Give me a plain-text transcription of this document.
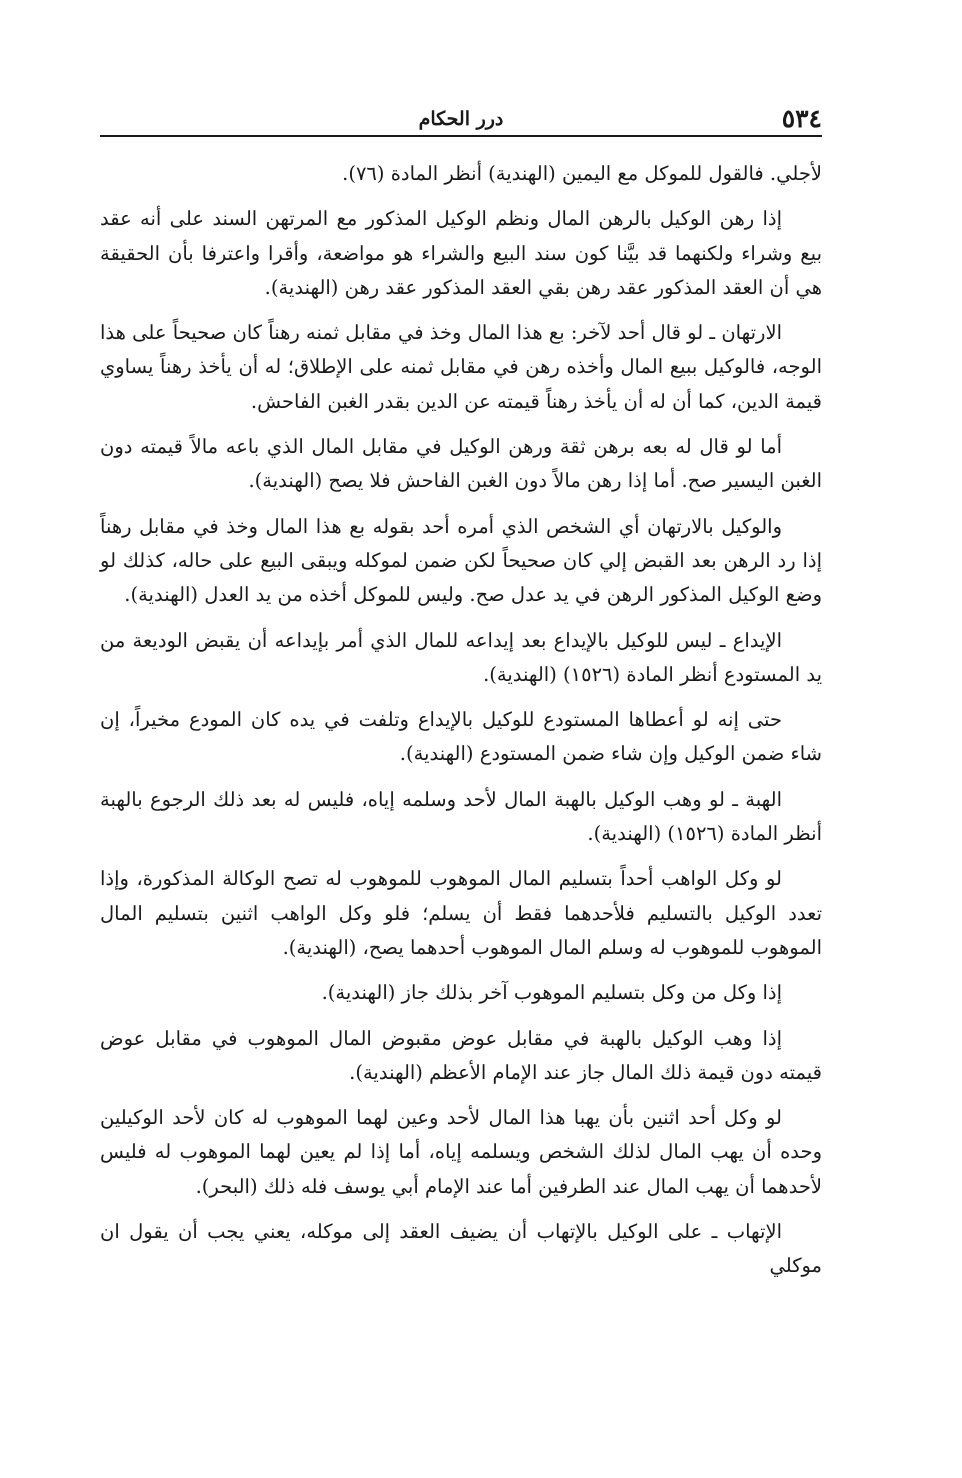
٥٣٤
درر الحكام

لأجلي. فالقول للموكل مع اليمين (الهندية) أنظر المادة (٧٦).

إذا رهن الوكيل بالرهن المال ونظم الوكيل المذكور مع المرتهن السند على أنه عقد بيع وشراء ولكنهما قد بيَّنا كون سند البيع والشراء هو مواضعة، وأقرا واعترفا بأن الحقيقة هي أن العقد المذكور عقد رهن بقي العقد المذكور عقد رهن (الهندية).

الارتهان ـ لو قال أحد لآخر: بع هذا المال وخذ في مقابل ثمنه رهناً كان صحيحاً على هذا الوجه، فالوكيل ببيع المال وأخذه رهن في مقابل ثمنه على الإطلاق؛ له أن يأخذ رهناً يساوي قيمة الدين، كما أن له أن يأخذ رهناً قيمته عن الدين بقدر الغبن الفاحش.

أما لو قال له بعه برهن ثقة ورهن الوكيل في مقابل المال الذي باعه مالاً قيمته دون الغبن اليسير صح. أما إذا رهن مالاً دون الغبن الفاحش فلا يصح (الهندية).

والوكيل بالارتهان أي الشخص الذي أمره أحد بقوله بع هذا المال وخذ في مقابل رهناً إذا رد الرهن بعد القبض إلي كان صحيحاً لكن ضمن لموكله ويبقى البيع على حاله، كذلك لو وضع الوكيل المذكور الرهن في يد عدل صح. وليس للموكل أخذه من يد العدل (الهندية).

الإيداع ـ ليس للوكيل بالإيداع بعد إيداعه للمال الذي أمر بإيداعه أن يقبض الوديعة من يد المستودع أنظر المادة (١٥٢٦) (الهندية).

حتى إنه لو أعطاها المستودع للوكيل بالإيداع وتلفت في يده كان المودع مخيراً، إن شاء ضمن الوكيل وإن شاء ضمن المستودع (الهندية).

الهبة ـ لو وهب الوكيل بالهبة المال لأحد وسلمه إياه، فليس له بعد ذلك الرجوع بالهبة أنظر المادة (١٥٢٦) (الهندية).

لو وكل الواهب أحداً بتسليم المال الموهوب للموهوب له تصح الوكالة المذكورة، وإذا تعدد الوكيل بالتسليم فلأحدهما فقط أن يسلم؛ فلو وكل الواهب اثنين بتسليم المال الموهوب للموهوب له وسلم المال الموهوب أحدهما يصح، (الهندية).

إذا وكل من وكل بتسليم الموهوب آخر بذلك جاز (الهندية).

إذا وهب الوكيل بالهبة في مقابل عوض مقبوض المال الموهوب في مقابل عوض قيمته دون قيمة ذلك المال جاز عند الإمام الأعظم (الهندية).

لو وكل أحد اثنين بأن يهبا هذا المال لأحد وعين لهما الموهوب له كان لأحد الوكيلين وحده أن يهب المال لذلك الشخص ويسلمه إياه، أما إذا لم يعين لهما الموهوب له فليس لأحدهما أن يهب المال عند الطرفين أما عند الإمام أبي يوسف فله ذلك (البحر).

الإتهاب ـ على الوكيل بالإتهاب أن يضيف العقد إلى موكله، يعني يجب أن يقول ان موكلي
